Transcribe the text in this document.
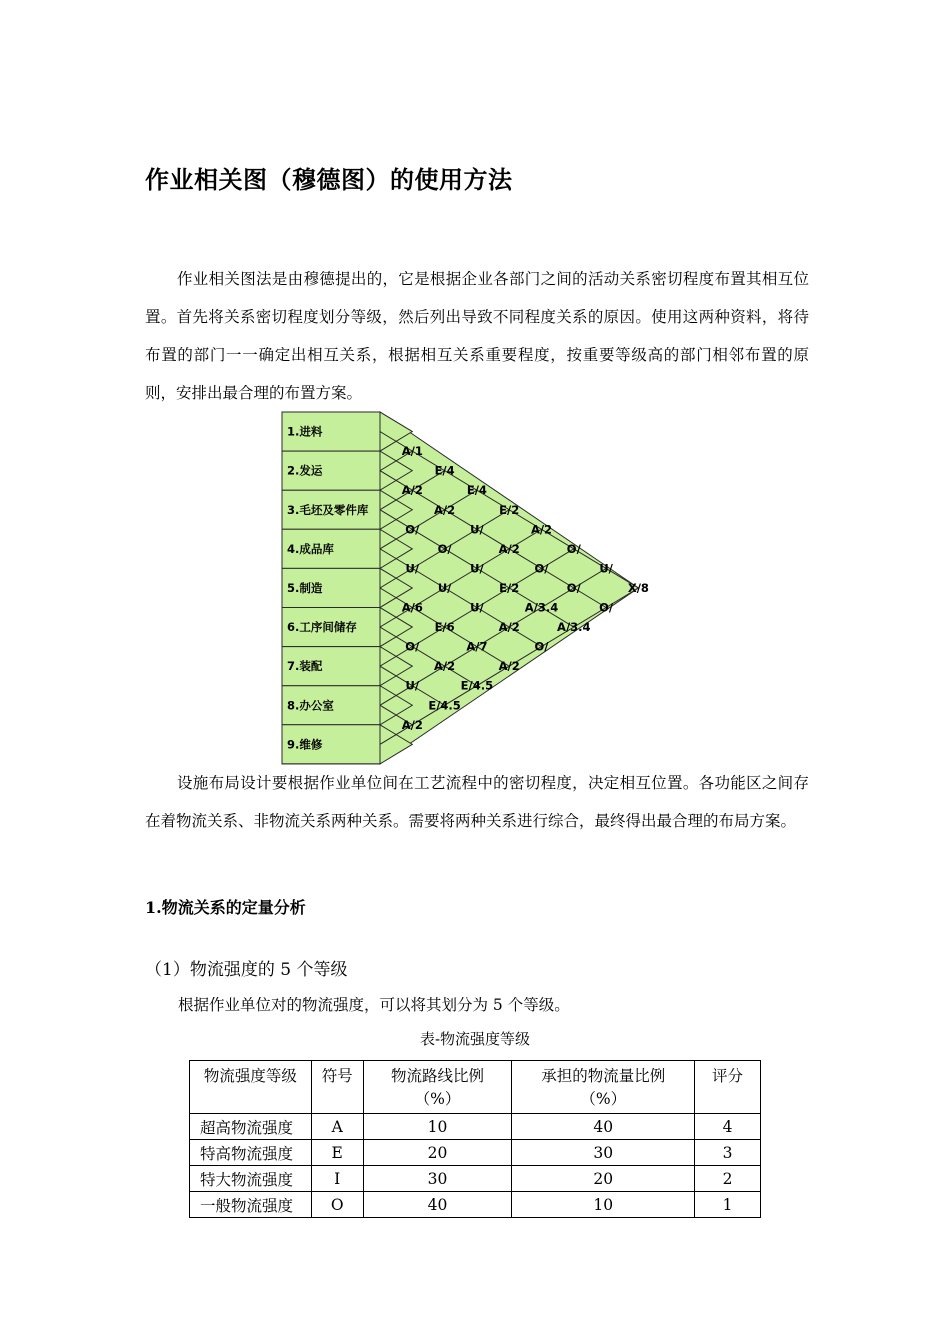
作业相关图（穆德图）的使用方法
作业相关图法是由穆德提出的，它是根据企业各部门之间的活动关系密切程度布置其相互位置。首先将关系密切程度划分等级，然后列出导致不同程度关系的原因。使用这两种资料，将待布置的部门一一确定出相互关系，根据相互关系重要程度，按重要等级高的部门相邻布置的原则，安排出最合理的布置方案。
1.进料
2.发运
3.毛坯及零件库
4.成品库
5.制造
6.工序间储存
7.装配
8.办公室
9.维修
A/1
A/2
O/
U/
A/6
O/
U/
A/2
E/4
A/2
O/
U/
E/6
A/2
E/4.5
E/4
U/
U/
U/
A/7
E/4.5
E/2
A/2
E/2
A/2
A/2
A/2
O/
A/3.4
O/
O/
O/
A/3.4
U/
O/
X/8
设施布局设计要根据作业单位间在工艺流程中的密切程度，决定相互位置。各功能区之间存在着物流关系、非物流关系两种关系。需要将两种关系进行综合，最终得出最合理的布局方案。
1.物流关系的定量分析
（1）物流强度的 5 个等级
根据作业单位对的物流强度，可以将其划分为 5 个等级。
表-物流强度等级
物流强度等级	符号	物流路线比例
（%）	承担的物流量比例
（%）	评分
超高物流强度	A	10	40	4
特高物流强度	E	20	30	3
特大物流强度	I	30	20	2
一般物流强度	O	40	10	1
